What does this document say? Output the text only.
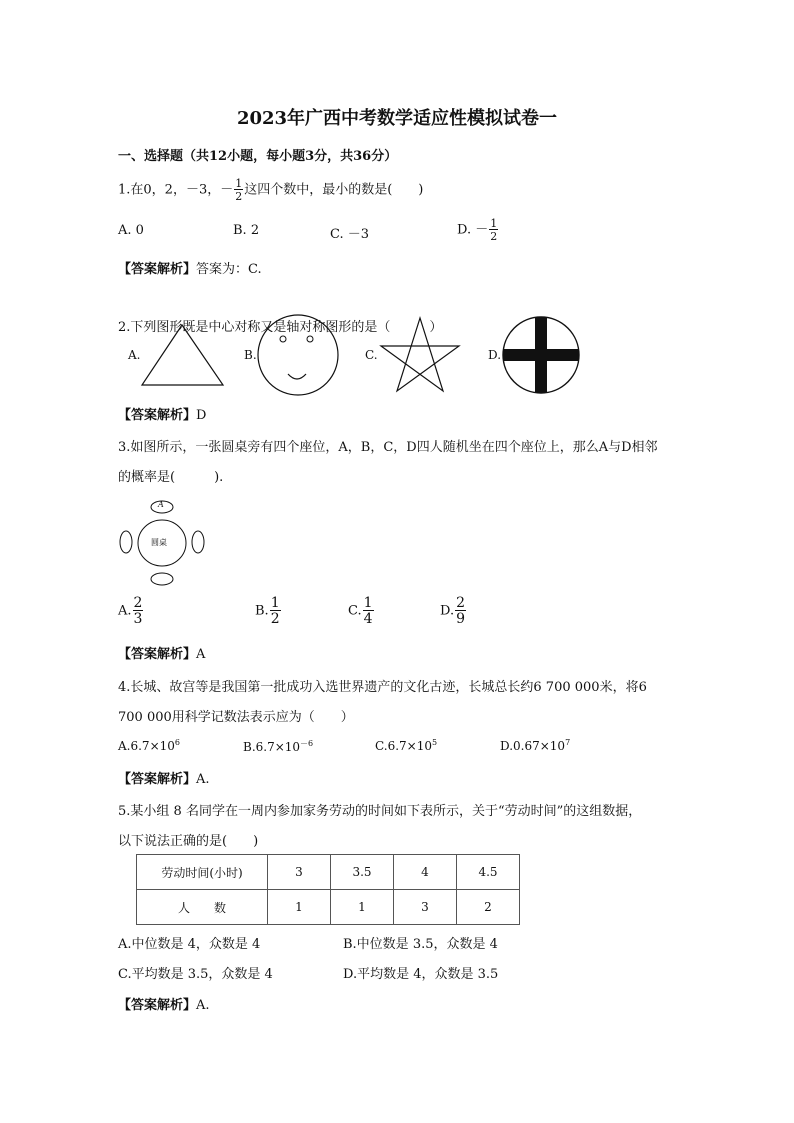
2023年广西中考数学适应性模拟试卷一
一、选择题（共12小题，每小题3分，共36分）
1.在0，2，－3，－ $\frac{1}{2}$ 这四个数中，最小的数是(　　)
A. 0	B. 2	C. －3	D. － $\frac{1}{2}$
【答案解析】答案为：C.
2.下列图形既是中心对称又是轴对称图形的是（　　　）
A.	B.	C.	D.
【答案解析】D
3.如图所示，一张圆桌旁有四个座位，A，B，C，D四人随机坐在四个座位上，那么A与D相邻
的概率是(　　　).
A
圆桌
A. $\frac{2}{3}$	B. $\frac{1}{2}$	C. $\frac{1}{4}$	D. $\frac{2}{9}$
【答案解析】A
4.长城、故宫等是我国第一批成功入选世界遗产的文化古迹，长城总长约6 700 000米，将6
700 000用科学记数法表示应为（　　）
$A.6.7\times 10^6$	$B.6.7\times 10^{-6}$	$C.6.7\times 10^5$	$D.0.67\times 10^7$
【答案解析】A.
5.某小组 8 名同学在一周内参加家务劳动的时间如下表所示，关于“劳动时间”的这组数据，
以下说法正确的是(　　)
劳动时间(小时)	3	3.5	4	4.5
人　　数	1	1	3	2
A.中位数是 4，众数是 4	B.中位数是 3.5，众数是 4
C.平均数是 3.5，众数是 4	D.平均数是 4，众数是 3.5
【答案解析】A.
